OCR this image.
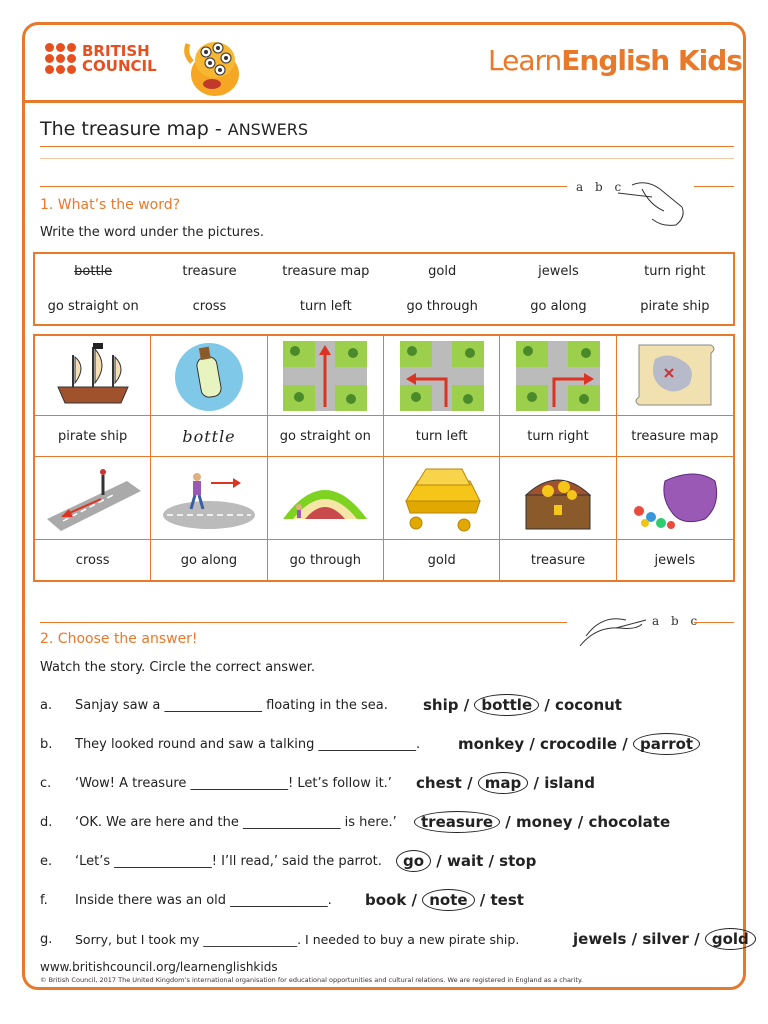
BRITISH
COUNCIL	LearnEnglish Kids
The treasure map - ANSWERS
a b c
1. What’s the word?
Write the word under the pictures.
bottle	treasure	treasure map	gold	jewels	turn right
go straight on	cross	turn left	go through	go along	pirate ship
pirate ship	bottle	go straight on	turn left	turn right	treasure map
cross	go along	go through	gold	treasure	jewels
a b c
2. Choose the answer!
Watch the story. Circle the correct answer.
a. Sanjay saw a _______________ floating in the sea. ship / bottle / coconut
b. They looked round and saw a talking _______________.	monkey / crocodile / parrot
c. ‘Wow! A treasure _______________! Let’s follow it.’ chest / map / island
d. ‘OK. We are here and the _______________ is here.’	treasure / money / chocolate
e. ‘Let’s _______________! I’ll read,’ said the parrot.	go / wait / stop
f. Inside there was an old _______________. book / note / test
g. Sorry, but I took my _______________. I needed to buy a new pirate ship.	jewels / silver / gold
www.britishcouncil.org/learnenglishkids
© British Council, 2017 The United Kingdom’s international organisation for educational opportunities and cultural relations. We are registered in England as a charity.
